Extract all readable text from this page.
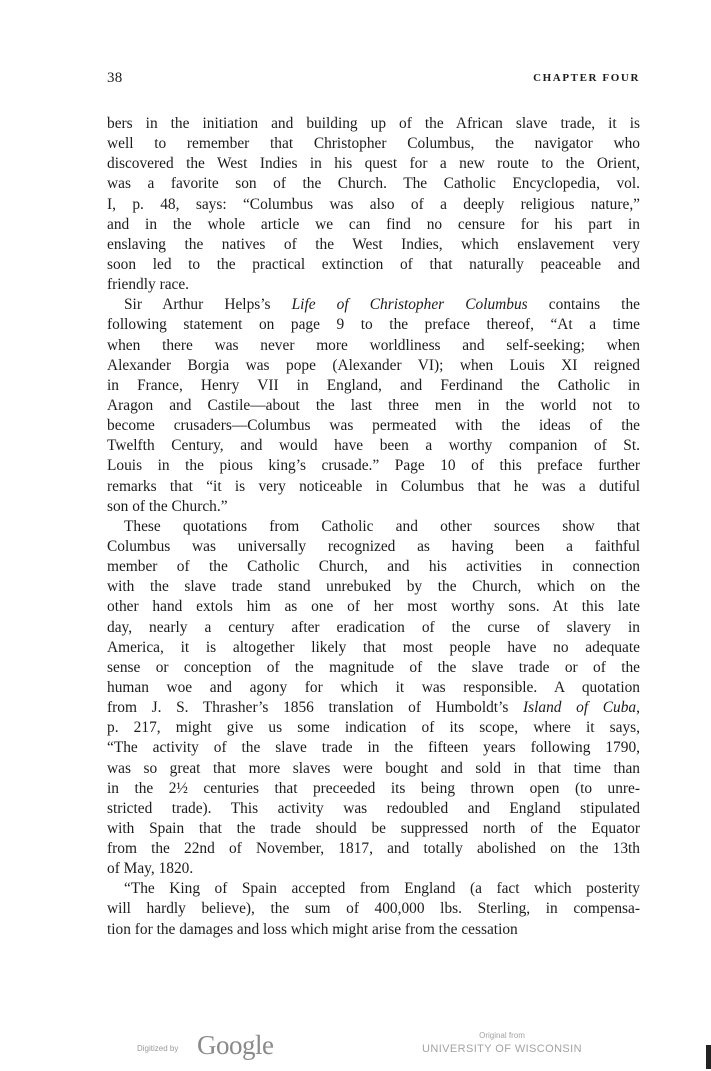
38	CHAPTER FOUR
bers in the initiation and building up of the African slave trade, it is
well to remember that Christopher Columbus, the navigator who
discovered the West Indies in his quest for a new route to the Orient,
was a favorite son of the Church. The Catholic Encyclopedia, vol.
I, p. 48, says: “Columbus was also of a deeply religious nature,”
and in the whole article we can find no censure for his part in
enslaving the natives of the West Indies, which enslavement very
soon led to the practical extinction of that naturally peaceable and
friendly race.
Sir Arthur Helps’s Life of Christopher Columbus contains the
following statement on page 9 to the preface thereof, “At a time
when there was never more worldliness and self-seeking; when
Alexander Borgia was pope (Alexander VI); when Louis XI reigned
in France, Henry VII in England, and Ferdinand the Catholic in
Aragon and Castile—about the last three men in the world not to
become crusaders—Columbus was permeated with the ideas of the
Twelfth Century, and would have been a worthy companion of St.
Louis in the pious king’s crusade.” Page 10 of this preface further
remarks that “it is very noticeable in Columbus that he was a dutiful
son of the Church.”
These quotations from Catholic and other sources show that
Columbus was universally recognized as having been a faithful
member of the Catholic Church, and his activities in connection
with the slave trade stand unrebuked by the Church, which on the
other hand extols him as one of her most worthy sons. At this late
day, nearly a century after eradication of the curse of slavery in
America, it is altogether likely that most people have no adequate
sense or conception of the magnitude of the slave trade or of the
human woe and agony for which it was responsible. A quotation
from J. S. Thrasher’s 1856 translation of Humboldt’s Island of Cuba,
p. 217, might give us some indication of its scope, where it says,
“The activity of the slave trade in the fifteen years following 1790,
was so great that more slaves were bought and sold in that time than
in the 2½ centuries that preceeded its being thrown open (to unre-
stricted trade). This activity was redoubled and England stipulated
with Spain that the trade should be suppressed north of the Equator
from the 22nd of November, 1817, and totally abolished on the 13th
of May, 1820.
“The King of Spain accepted from England (a fact which posterity
will hardly believe), the sum of 400,000 lbs. Sterling, in compensa-
tion for the damages and loss which might arise from the cessation
Digitized by Google	Original from
UNIVERSITY OF WISCONSIN
